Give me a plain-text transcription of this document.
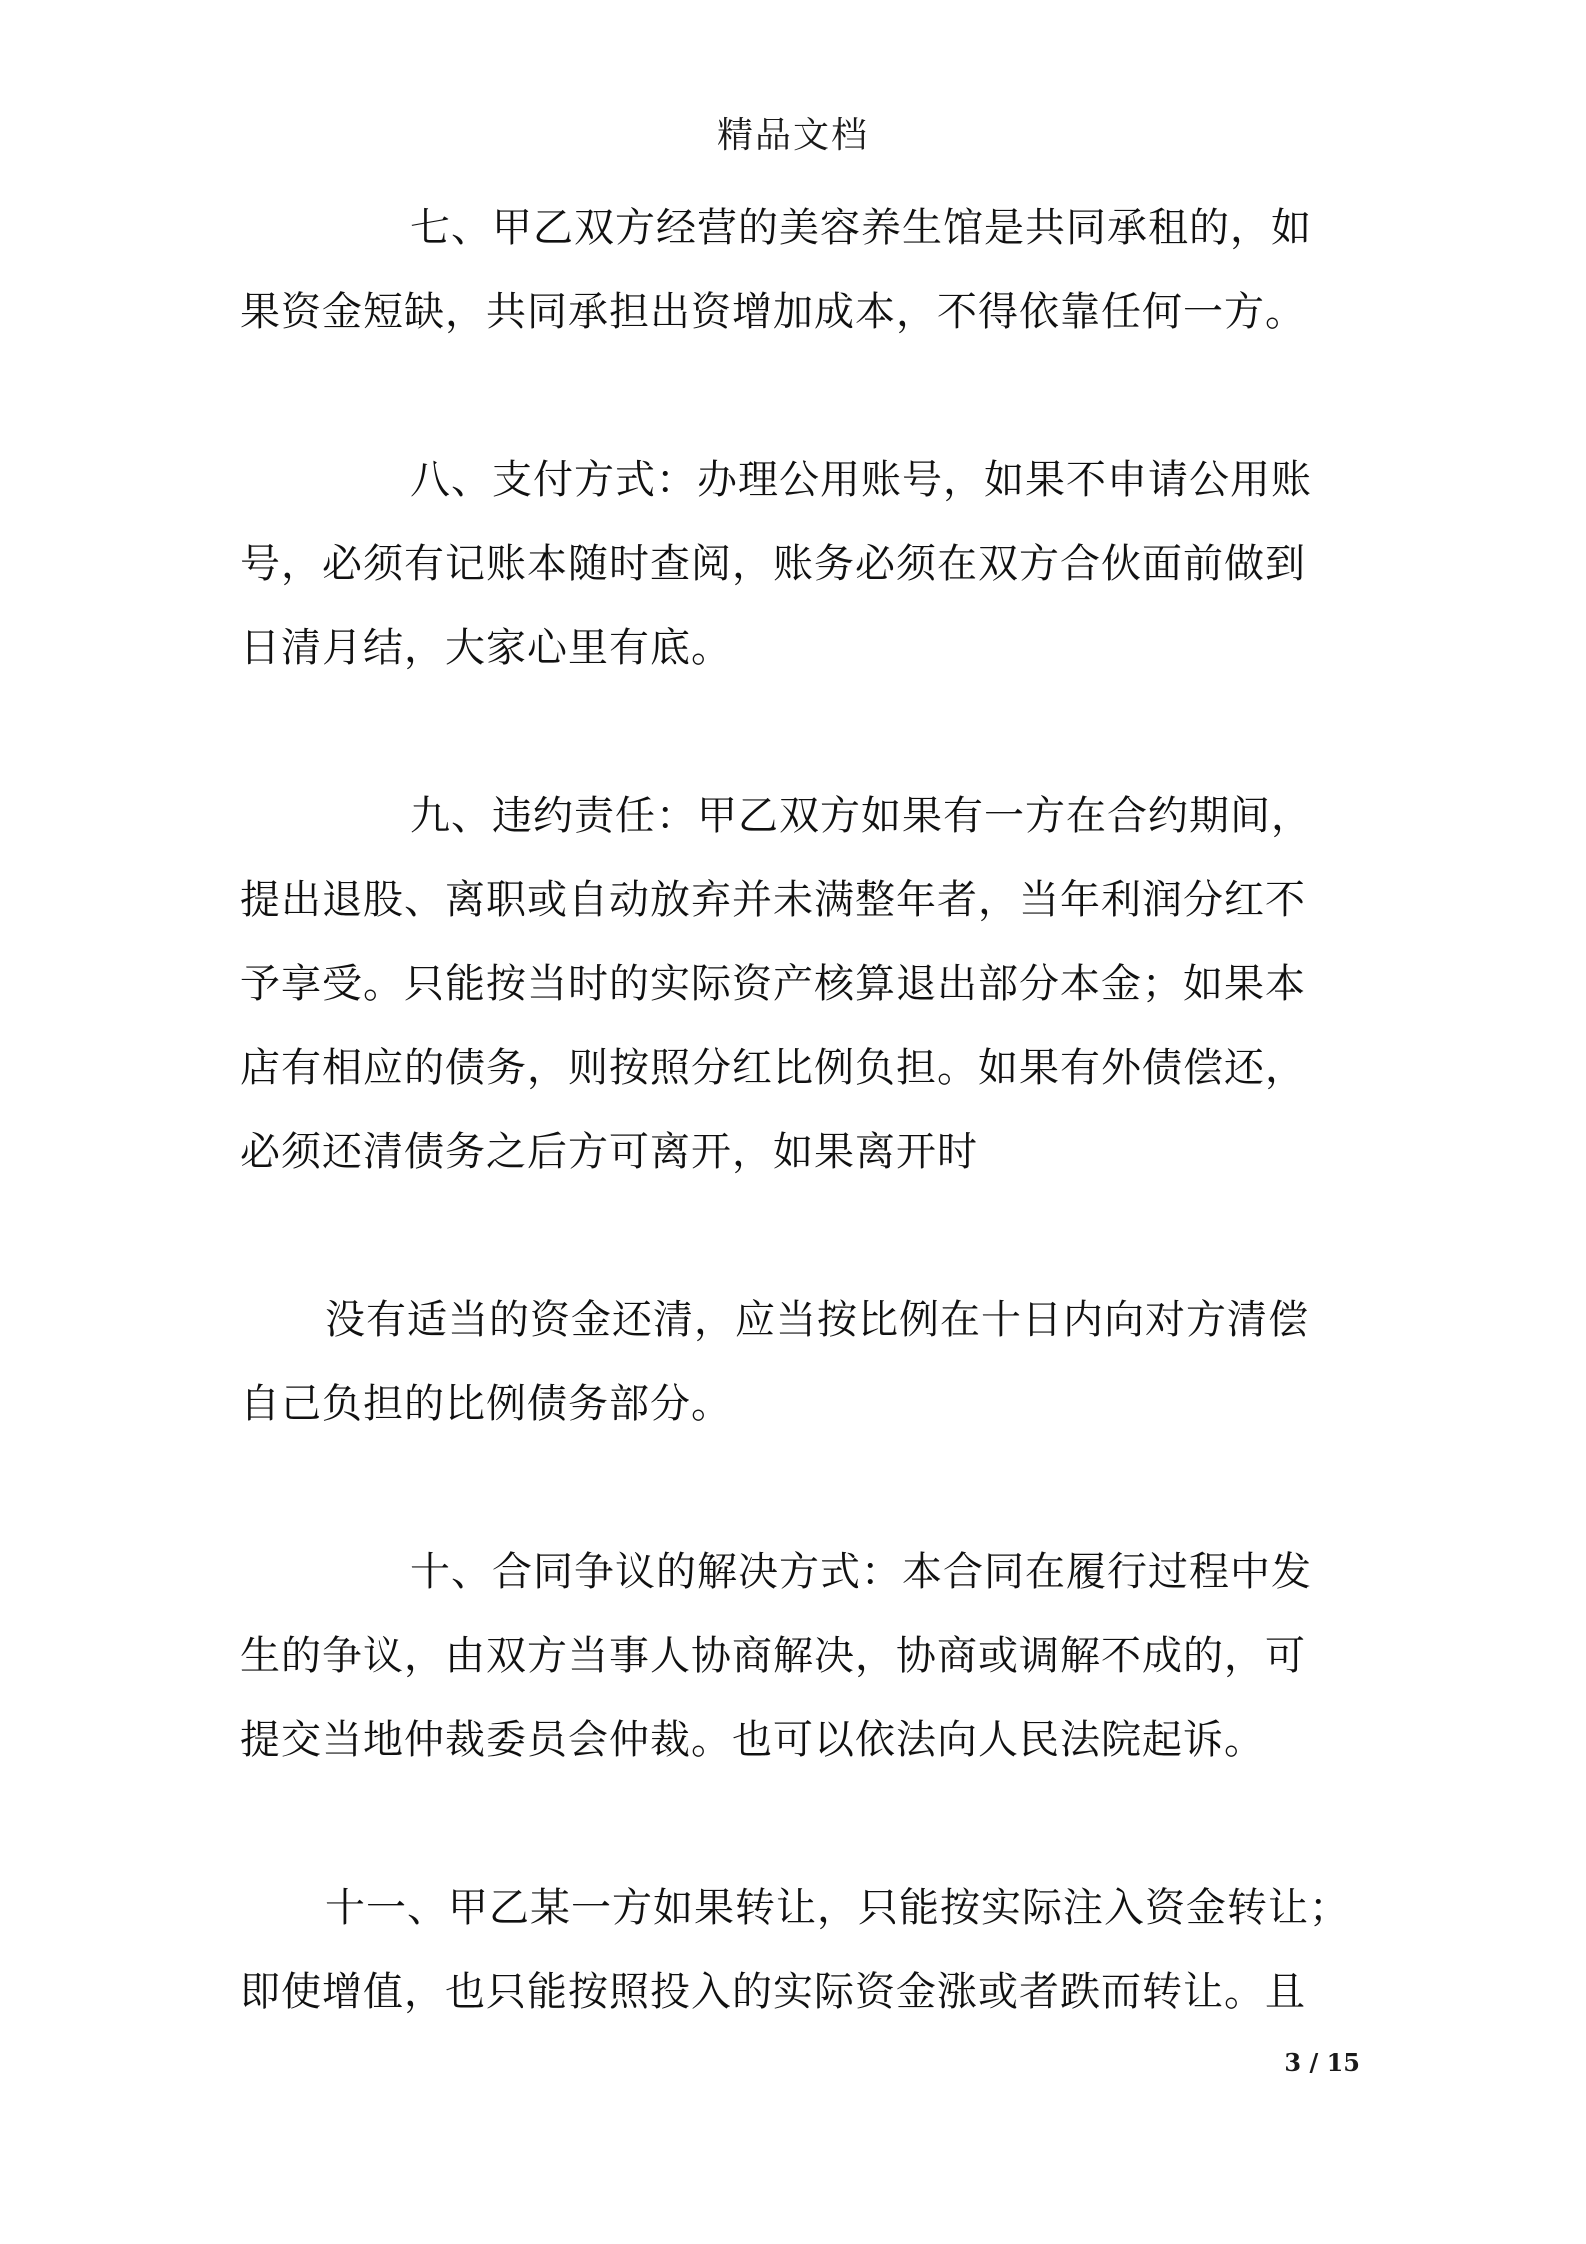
精品文档
七、甲乙双方经营的美容养生馆是共同承租的，如
果资金短缺，共同承担出资增加成本，不得依靠任何一方。
八、支付方式：办理公用账号，如果不申请公用账
号，必须有记账本随时查阅，账务必须在双方合伙面前做到
日清月结，大家心里有底。
九、违约责任：甲乙双方如果有一方在合约期间，
提出退股、离职或自动放弃并未满整年者，当年利润分红不
予享受。只能按当时的实际资产核算退出部分本金；如果本
店有相应的债务，则按照分红比例负担。如果有外债偿还，
必须还清债务之后方可离开，如果离开时
没有适当的资金还清，应当按比例在十日内向对方清偿
自己负担的比例债务部分。
十、合同争议的解决方式：本合同在履行过程中发
生的争议，由双方当事人协商解决，协商或调解不成的，可
提交当地仲裁委员会仲裁。也可以依法向人民法院起诉。
十一、甲乙某一方如果转让，只能按实际注入资金转让；
即使增值，也只能按照投入的实际资金涨或者跌而转让。且
3 / 15
